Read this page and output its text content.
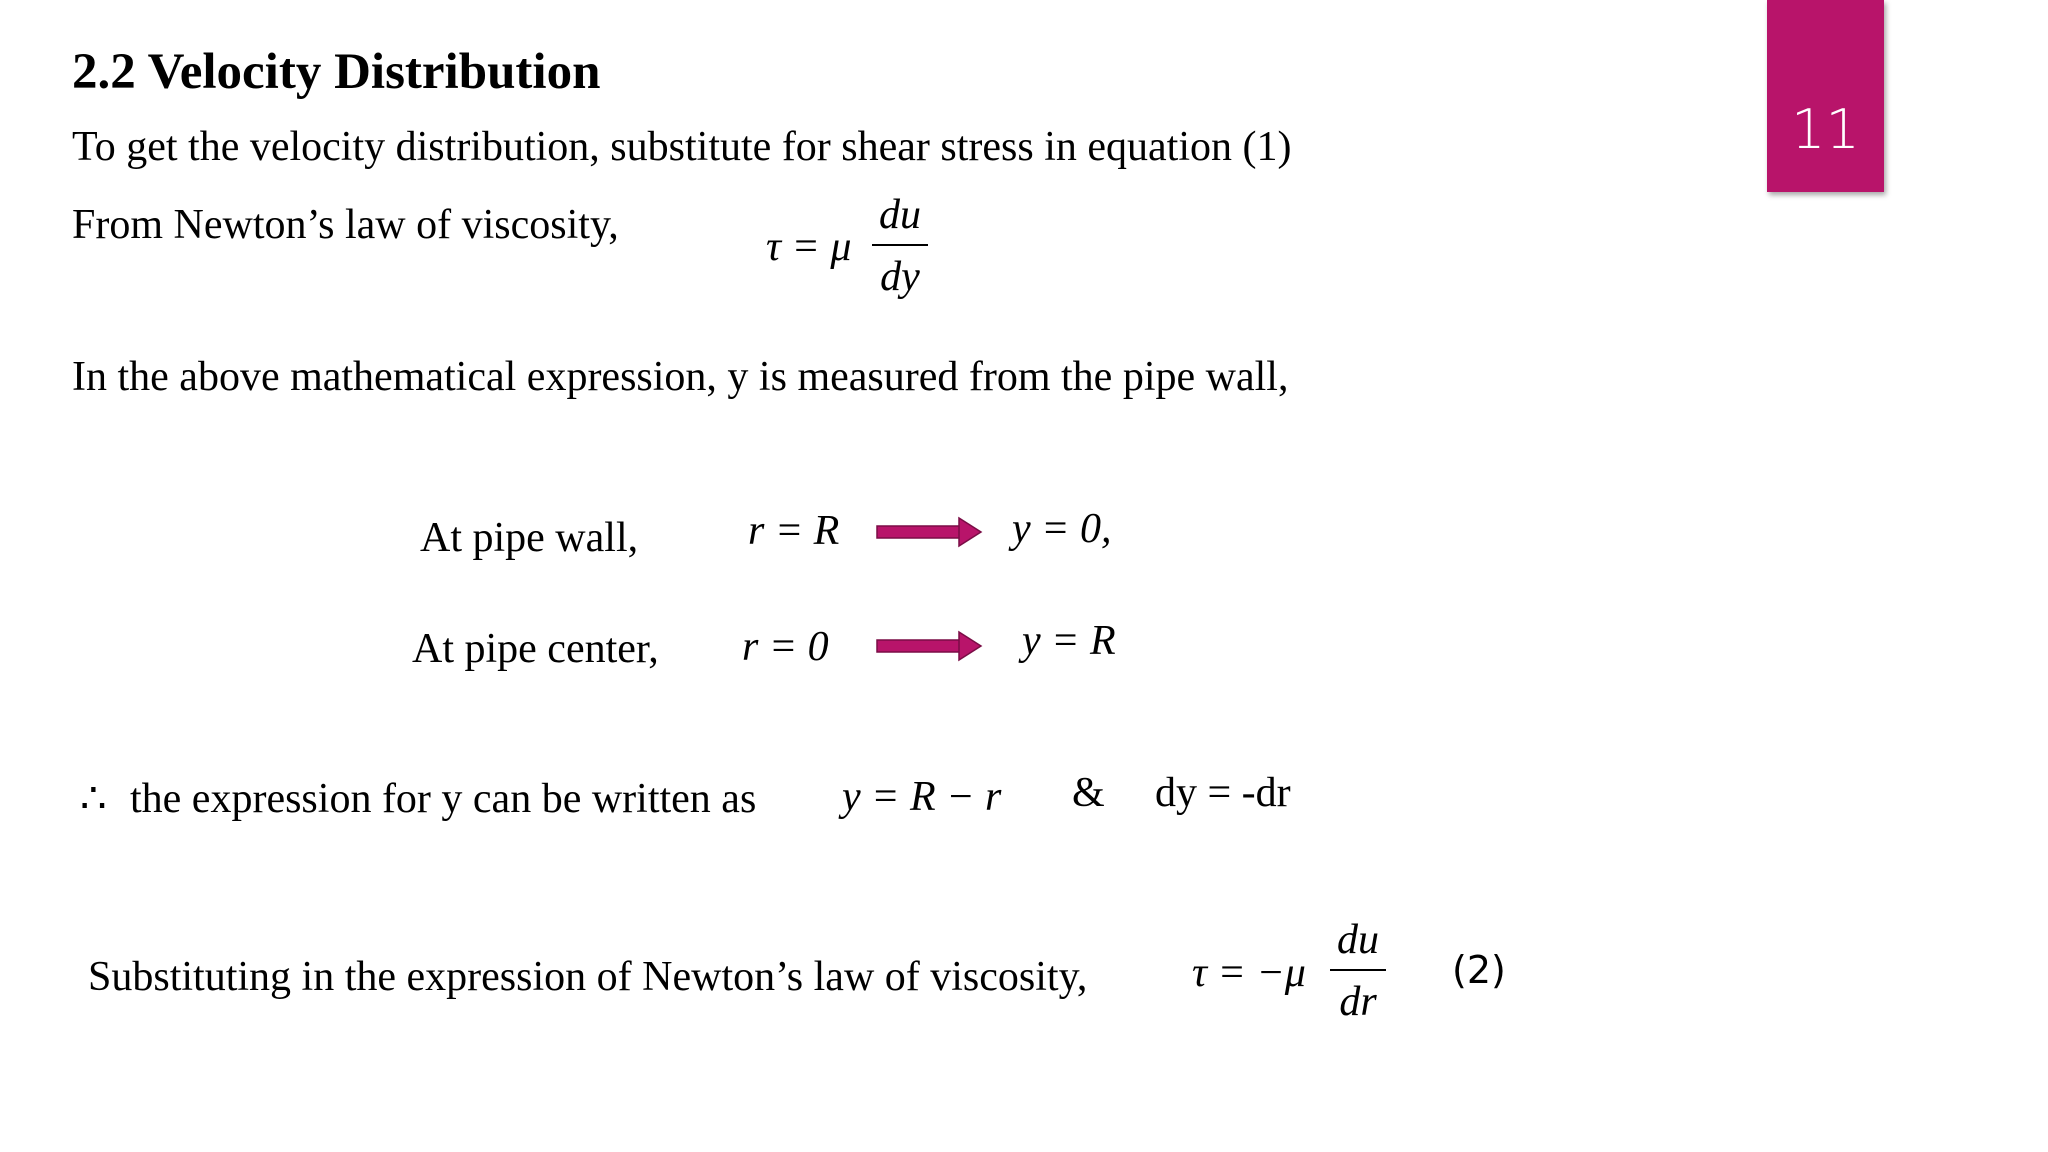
11
2.2 Velocity Distribution
To get the velocity distribution, substitute for shear stress in equation (1)
From Newton’s law of viscosity,	τ = μ
du
dy
In the above mathematical expression, y is measured from the pipe wall,
At pipe wall,	r = R	y = 0,
At pipe center, r = 0	y = R
∴ the expression for y can be written as y = R − r & dy = -dr
Substituting in the expression of Newton’s law of viscosity, τ = −μ
du
dr
(2)
